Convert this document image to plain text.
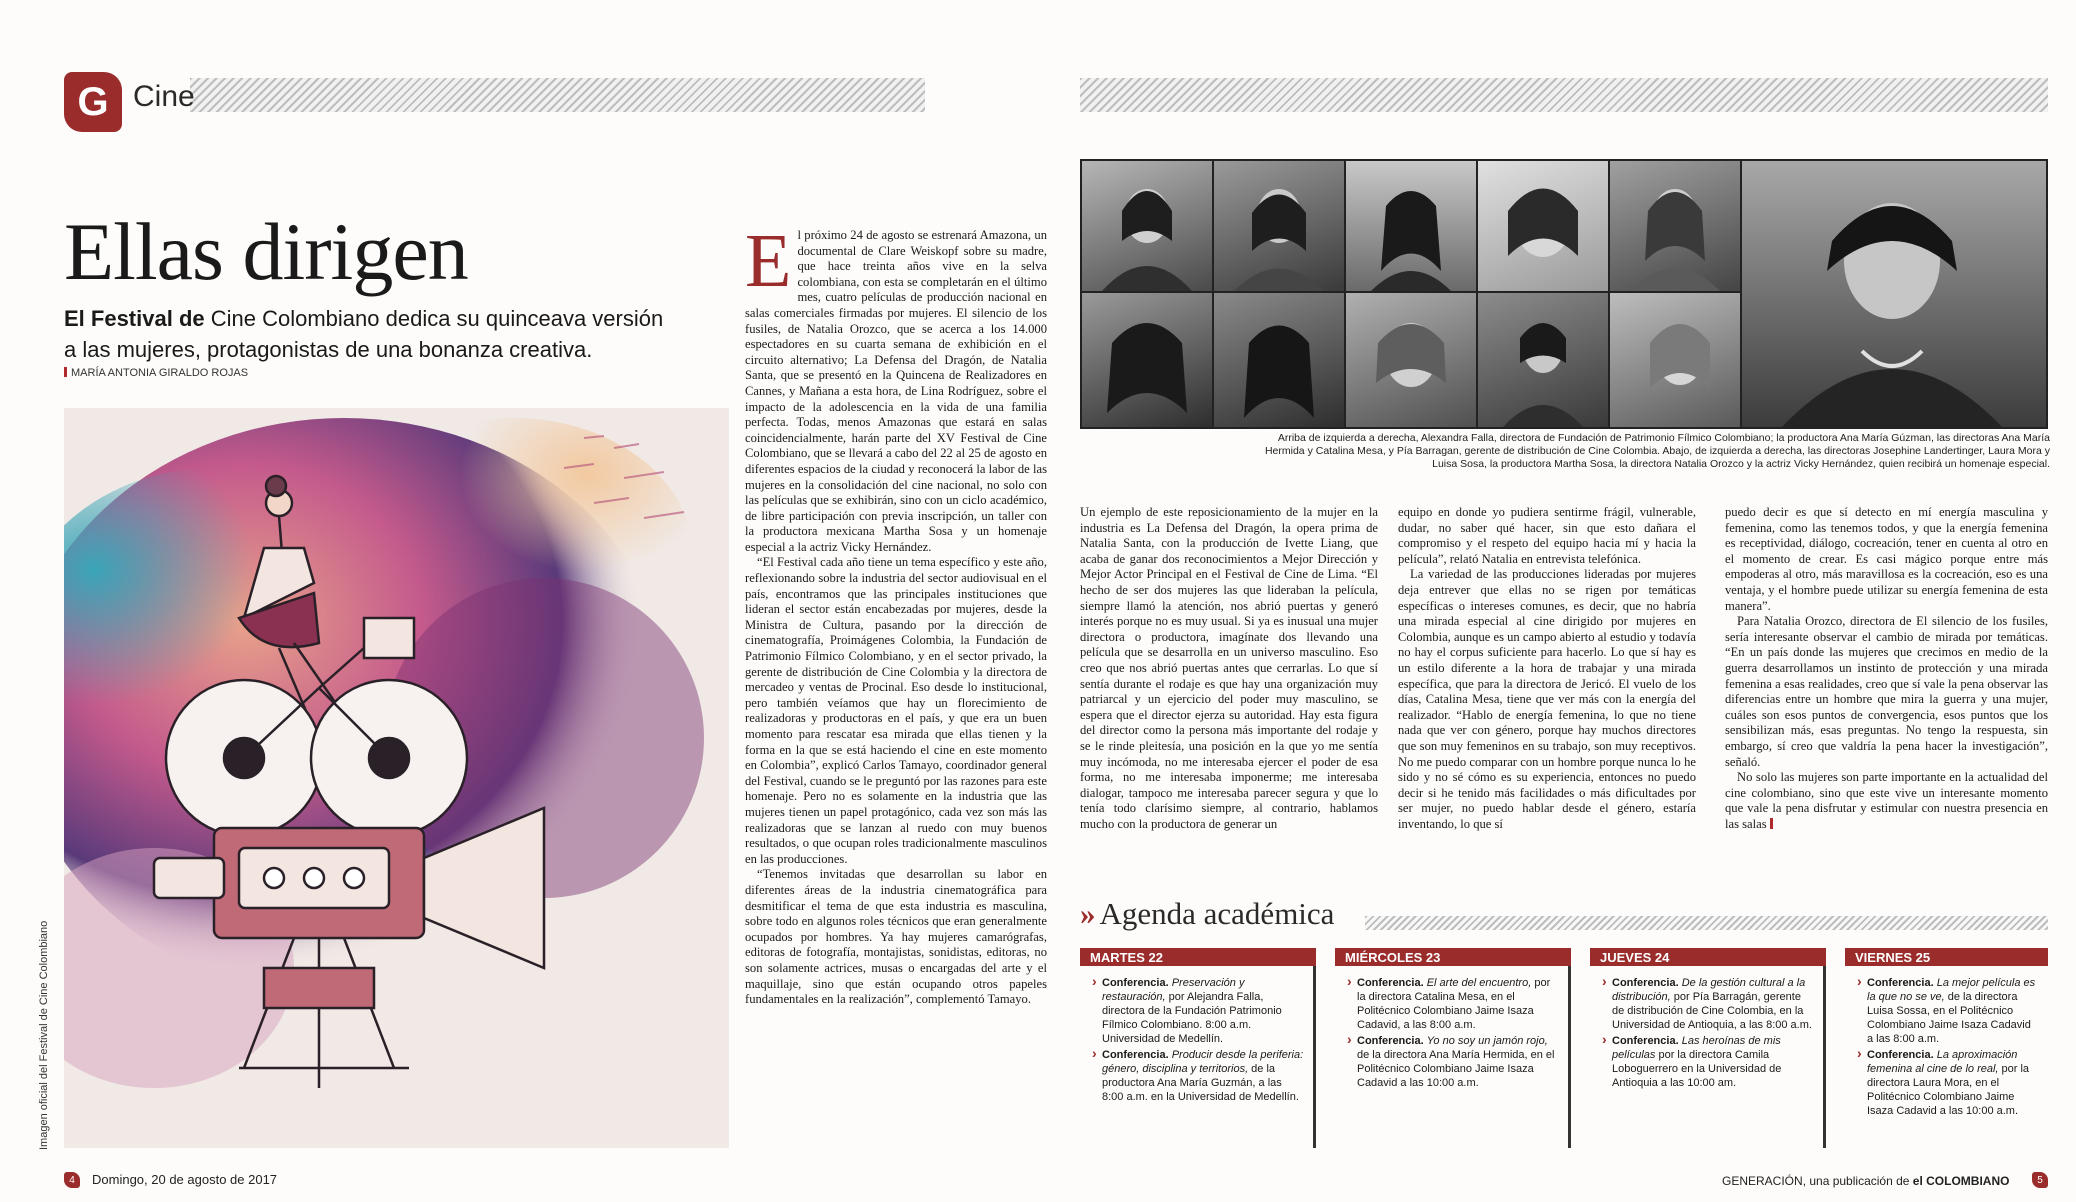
G Cine
Ellas dirigen
El Festival de Cine Colombiano dedica su quinceava versión a las mujeres, protagonistas de una bonanza creativa.
MARÍA ANTONIA GIRALDO ROJAS
Imagen oficial del Festival de Cine Colombiano

El próximo 24 de agosto se estrenará Amazona, un documental de Clare Weiskopf sobre su madre, que hace treinta años vive en la selva colombiana, con esta se completarán en el último mes, cuatro películas de producción nacional en salas comerciales firmadas por mujeres. El silencio de los fusiles, de Natalia Orozco, que se acerca a los 14.000 espectadores en su cuarta semana de exhibición en el circuito alternativo; La Defensa del Dragón, de Natalia Santa, que se presentó en la Quincena de Realizadores en Cannes, y Mañana a esta hora, de Lina Rodríguez, sobre el impacto de la adolescencia en la vida de una familia perfecta. Todas, menos Amazonas que estará en salas coincidencialmente, harán parte del XV Festival de Cine Colombiano, que se llevará a cabo del 22 al 25 de agosto en diferentes espacios de la ciudad y reconocerá la labor de las mujeres en la consolidación del cine nacional, no solo con las películas que se exhibirán, sino con un ciclo académico, de libre participación con previa inscripción, un taller con la productora mexicana Martha Sosa y un homenaje especial a la actriz Vicky Hernández.

“El Festival cada año tiene un tema específico y este año, reflexionando sobre la industria del sector audiovisual en el país, encontramos que las principales instituciones que lideran el sector están encabezadas por mujeres, desde la Ministra de Cultura, pasando por la dirección de cinematografía, Proimágenes Colombia, la Fundación de Patrimonio Fílmico Colombiano, y en el sector privado, la gerente de distribución de Cine Colombia y la directora de mercadeo y ventas de Procinal. Eso desde lo institucional, pero también veíamos que hay un florecimiento de realizadoras y productoras en el país, y que era un buen momento para rescatar esa mirada que ellas tienen y la forma en la que se está haciendo el cine en este momento en Colombia”, explicó Carlos Tamayo, coordinador general del Festival, cuando se le preguntó por las razones para este homenaje. Pero no es solamente en la industria que las mujeres tienen un papel protagónico, cada vez son más las realizadoras que se lanzan al ruedo con muy buenos resultados, o que ocupan roles tradicionalmente masculinos en las producciones.

“Tenemos invitadas que desarrollan su labor en diferentes áreas de la industria cinematográfica para desmitificar el tema de que esta industria es masculina, sobre todo en algunos roles técnicos que eran generalmente ocupados por hombres. Ya hay mujeres camarógrafas, editoras de fotografía, montajistas, sonidistas, editoras, no son solamente actrices, musas o encargadas del arte y el maquillaje, sino que están ocupando otros papeles fundamentales en la realización”, complementó Tamayo.

Arriba de izquierda a derecha, Alexandra Falla, directora de Fundación de Patrimonio Fílmico Colombiano; la productora Ana María Gúzman, las directoras Ana María Hermida y Catalina Mesa, y Pía Barragan, gerente de distribución de Cine Colombia. Abajo, de izquierda a derecha, las directoras Josephine Landertinger, Laura Mora y Luisa Sosa, la productora Martha Sosa, la directora Natalia Orozco y la actriz Vicky Hernández, quien recibirá un homenaje especial.

Un ejemplo de este reposicionamiento de la mujer en la industria es La Defensa del Dragón, la opera prima de Natalia Santa, con la producción de Ivette Liang, que acaba de ganar dos reconocimientos a Mejor Dirección y Mejor Actor Principal en el Festival de Cine de Lima. “El hecho de ser dos mujeres las que lideraban la película, siempre llamó la atención, nos abrió puertas y generó interés porque no es muy usual. Si ya es inusual una mujer directora o productora, imagínate dos llevando una película que se desarrolla en un universo masculino. Eso creo que nos abrió puertas antes que cerrarlas. Lo que sí sentía durante el rodaje es que hay una organización muy patriarcal y un ejercicio del poder muy masculino, se espera que el director ejerza su autoridad. Hay esta figura del director como la persona más importante del rodaje y se le rinde pleitesía, una posición en la que yo me sentía muy incómoda, no me interesaba ejercer el poder de esa forma, no me interesaba imponerme; me interesaba dialogar, tampoco me interesaba parecer segura y que lo tenía todo clarísimo siempre, al contrario, hablamos mucho con la productora de generar un

equipo en donde yo pudiera sentirme frágil, vulnerable, dudar, no saber qué hacer, sin que esto dañara el compromiso y el respeto del equipo hacia mí y hacia la película”, relató Natalia en entrevista telefónica.

La variedad de las producciones lideradas por mujeres deja entrever que ellas no se rigen por temáticas específicas o intereses comunes, es decir, que no habría una mirada especial al cine dirigido por mujeres en Colombia, aunque es un campo abierto al estudio y todavía no hay el corpus suficiente para hacerlo. Lo que sí hay es un estilo diferente a la hora de trabajar y una mirada específica, que para la directora de Jericó. El vuelo de los días, Catalina Mesa, tiene que ver más con la energía del realizador. “Hablo de energía femenina, lo que no tiene nada que ver con género, porque hay muchos directores que son muy femeninos en su trabajo, son muy receptivos. No me puedo comparar con un hombre porque nunca lo he sido y no sé cómo es su experiencia, entonces no puedo decir si he tenido más facilidades o más dificultades por ser mujer, no puedo hablar desde el género, estaría inventando, lo que sí

puedo decir es que sí detecto en mí energía masculina y femenina, como las tenemos todos, y que la energía femenina es receptividad, diálogo, cocreación, tener en cuenta al otro en el momento de crear. Es casi mágico porque entre más empoderas al otro, más maravillosa es la cocreación, eso es una ventaja, y el hombre puede utilizar su energía femenina de esta manera”.

Para Natalia Orozco, directora de El silencio de los fusiles, sería interesante observar el cambio de mirada por temáticas. “En un país donde las mujeres que crecimos en medio de la guerra desarrollamos un instinto de protección y una mirada femenina a esas realidades, creo que sí vale la pena observar las diferencias entre un hombre que mira la guerra y una mujer, cuáles son esos puntos de convergencia, esos puntos que los sensibilizan más, esas preguntas. No tengo la respuesta, sin embargo, sí creo que valdría la pena hacer la investigación”, señaló.

No solo las mujeres son parte importante en la actualidad del cine colombiano, sino que este vive un interesante momento que vale la pena disfrutar y estimular con nuestra presencia en las salas

» Agenda académica
MARTES 22
› Conferencia. Preservación y restauración, por Alejandra Falla, directora de la Fundación Patrimonio Fílmico Colombiano. 8:00 a.m. Universidad de Medellín.
› Conferencia. Producir desde la periferia: género, disciplina y territorios, de la productora Ana María Guzmán, a las 8:00 a.m. en la Universidad de Medellín.
MIÉRCOLES 23
› Conferencia. El arte del encuentro, por la directora Catalina Mesa, en el Politécnico Colombiano Jaime Isaza Cadavid, a las 8:00 a.m.
› Conferencia. Yo no soy un jamón rojo, de la directora Ana María Hermida, en el Politécnico Colombiano Jaime Isaza Cadavid a las 10:00 a.m.
JUEVES 24
› Conferencia. De la gestión cultural a la distribución, por Pía Barragán, gerente de distribución de Cine Colombia, en la Universidad de Antioquia, a las 8:00 a.m.
› Conferencia. Las heroínas de mis películas por la directora Camila Loboguerrero en la Universidad de Antioquia a las 10:00 am.
VIERNES 25
› Conferencia. La mejor película es la que no se ve, de la directora Luisa Sossa, en el Politécnico Colombiano Jaime Isaza Cadavid a las 8:00 a.m.
› Conferencia. La aproximación femenina al cine de lo real, por la directora Laura Mora, en el Politécnico Colombiano Jaime Isaza Cadavid a las 10:00 a.m.
4	Domingo, 20 de agosto de 2017	GENERACIÓN, una publicación de el COLOMBIANO	5
